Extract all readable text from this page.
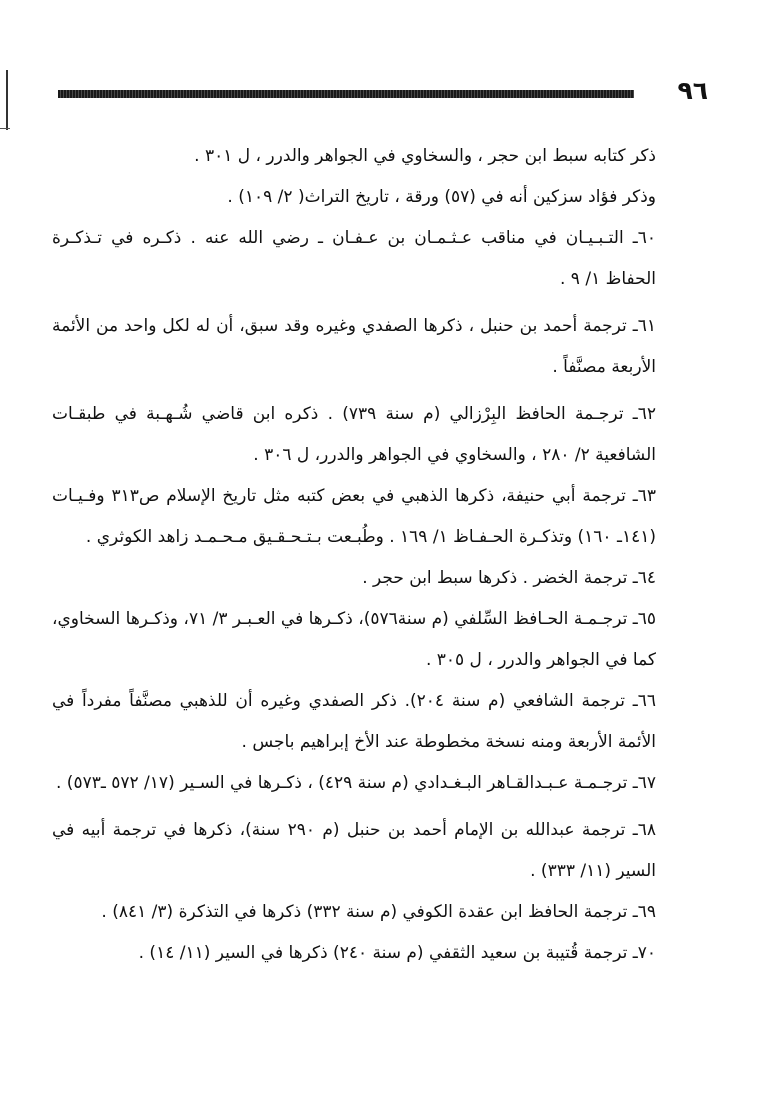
٩٦

ذكر كتابه سبط ابن حجر ، والسخاوي في الجواهر والدرر ، ل ٣٠١ .

وذكر فؤاد سزكين أنه في (٥٧) ورقة ، تاريخ التراث( ٢/ ١٠٩) .

٦٠ـ التـبـيـان في مناقب عـثـمـان بن عـفـان ـ رضي الله عنه . ذكـره في تـذكـرة الحفاظ ١/ ٩ .

٦١ـ ترجمة أحمد بن حنبل ، ذكرها الصفدي وغيره وقد سبق، أن له لكل واحد من الأئمة الأربعة مصنَّفاً .

٦٢ـ ترجـمة الحافظ البِرْزالي (م سنة ٧٣٩) . ذكره ابن قاضي شُـهـبة في طبقـات الشافعية ٢/ ٢٨٠ ، والسخاوي في الجواهر والدرر، ل ٣٠٦ .

٦٣ـ ترجمة أبي حنيفة، ذكرها الذهبي في بعض كتبه مثل تاريخ الإسلام ص٣١٣ وفـيـات (١٤١ـ ١٦٠) وتذكـرة الحـفـاظ ١/ ١٦٩ . وطُبـعت بـتـحـقـيق مـحـمـد زاهد الكوثري .

٦٤ـ ترجمة الخضر . ذكرها سبط ابن حجر .

٦٥ـ ترجـمـة الحـافظ السِّلفي (م سنة٥٧٦)، ذكـرها في العـبـر ٣/ ٧١، وذكـرها السخاوي، كما في الجواهر والدرر ، ل ٣٠٥ .

٦٦ـ ترجمة الشافعي (م سنة ٢٠٤). ذكر الصفدي وغيره أن للذهبي مصنَّفاً مفرداً في الأئمة الأربعة ومنه نسخة مخطوطة عند الأخ إبراهيم باجس .

٦٧ـ ترجـمـة عـبـدالقـاهر البـغـدادي (م سنة ٤٢٩) ، ذكـرها في السـير (١٧/ ٥٧٢ ـ٥٧٣) .

٦٨ـ ترجمة عبدالله بن الإمام أحمد بن حنبل (م ٢٩٠ سنة)، ذكرها في ترجمة أبيه في السير (١١/ ٣٣٣) .

٦٩ـ ترجمة الحافظ ابن عقدة الكوفي (م سنة ٣٣٢) ذكرها في التذكرة (٣/ ٨٤١) .

٧٠ـ ترجمة قُتيبة بن سعيد الثقفي (م سنة ٢٤٠) ذكرها في السير (١١/ ١٤) .
